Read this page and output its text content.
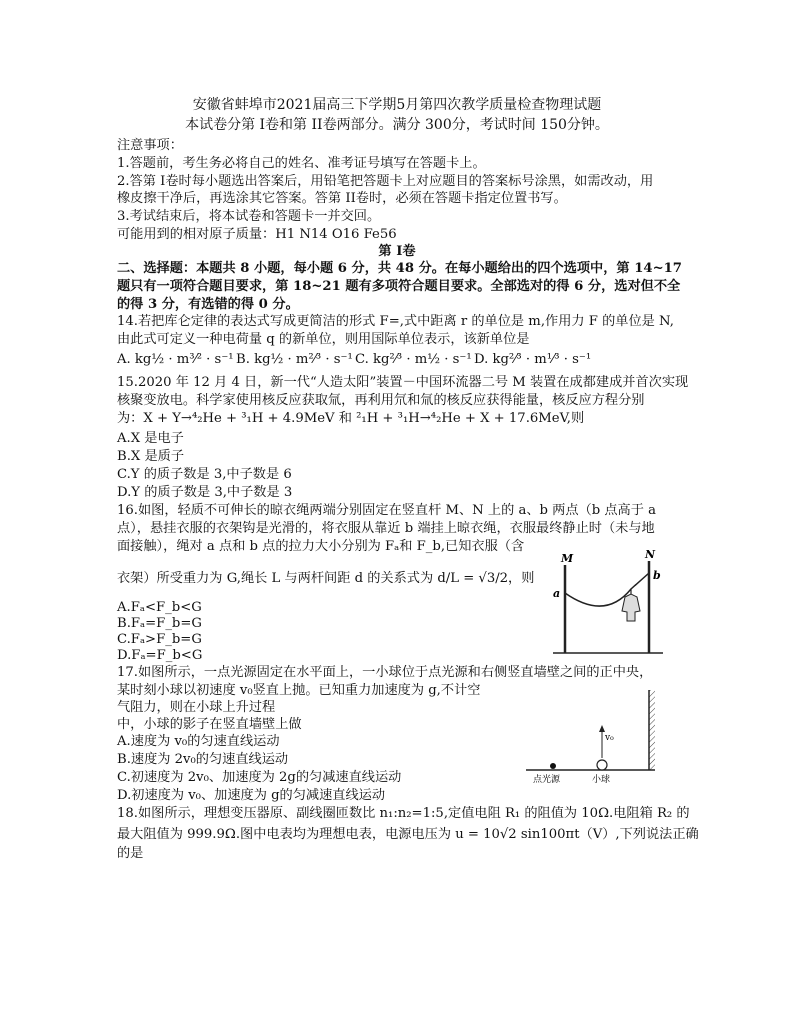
安徽省蚌埠市2021届高三下学期5月第四次教学质量检查物理试题
本试卷分第 I卷和第 II卷两部分。满分 300分，考试时间 150分钟。
注意事项：
1.答题前，考生务必将自己的姓名、准考证号填写在答题卡上。
2.答第 I卷时每小题选出答案后，用铅笔把答题卡上对应题目的答案标号涂黑，如需改动，用
橡皮擦干净后，再选涂其它答案。答第 II卷时，必须在答题卡指定位置书写。
3.考试结束后，将本试卷和答题卡一并交回。
可能用到的相对原子质量：H1 N14 O16 Fe56
第 I卷
二、选择题：本题共 8 小题，每小题 6 分，共 48 分。在每小题给出的四个选项中，第 14~17
题只有一项符合题目要求，第 18~21 题有多项符合题目要求。全部选对的得 6 分，选对但不全
的得 3 分，有选错的得 0 分。
14.若把库仑定律的表达式写成更简洁的形式 F=,式中距离 r 的单位是 m,作用力 F 的单位是 N,
由此式可定义一种电荷量 q 的新单位，则用国际单位表示，该新单位是
A. kg½ · m³⁄² · s⁻¹ B. kg½ · m²⁄³ · s⁻¹ C. kg²⁄³ · m½ · s⁻¹ D. kg²⁄³ · m¹⁄³ · s⁻¹
15.2020 年 12 月 4 日，新一代“人造太阳”装置－中国环流器二号 M 装置在成都建成并首次实现
核聚变放电。科学家使用核反应获取氚，再利用氘和氚的核反应获得能量，核反应方程分别
为：X + Y→⁴₂He + ³₁H + 4.9MeV 和 ²₁H + ³₁H→⁴₂He + X + 17.6MeV,则
A.X 是电子
B.X 是质子
C.Y 的质子数是 3,中子数是 6
D.Y 的质子数是 3,中子数是 3
16.如图，轻质不可伸长的晾衣绳两端分别固定在竖直杆 M、N 上的 a、b 两点（b 点高于 a
点），悬挂衣服的衣架钩是光滑的，将衣服从靠近 b 端挂上晾衣绳，衣服最终静止时（未与地
面接触），绳对 a 点和 b 点的拉力大小分别为 Fₐ和 F_b,已知衣服（含
衣架）所受重力为 G,绳长 L 与两杆间距 d 的关系式为 d/L = √3/2，则
A.Fₐ<F_b<G
B.Fₐ=F_b=G
C.Fₐ>F_b=G
D.Fₐ=F_b<G
M	N
a
b
17.如图所示，一点光源固定在水平面上，一小球位于点光源和右侧竖直墙壁之间的正中央，
某时刻小球以初速度 v₀竖直上抛。已知重力加速度为 g,不计空
气阻力，则在小球上升过程
中，小球的影子在竖直墙壁上做
A.速度为 v₀的匀速直线运动
B.速度为 2v₀的匀速直线运动
C.初速度为 2v₀、加速度为 2g的匀减速直线运动
D.初速度为 v₀、加速度为 g的匀减速直线运动
v₀
点光源	小球
18.如图所示，理想变压器原、副线圈匝数比 n₁:n₂=1:5,定值电阻 R₁ 的阻值为 10Ω.电阻箱 R₂ 的
最大阻值为 999.9Ω.图中电表均为理想电表，电源电压为 u = 10√2 sin100πt（V）,下列说法正确
的是
